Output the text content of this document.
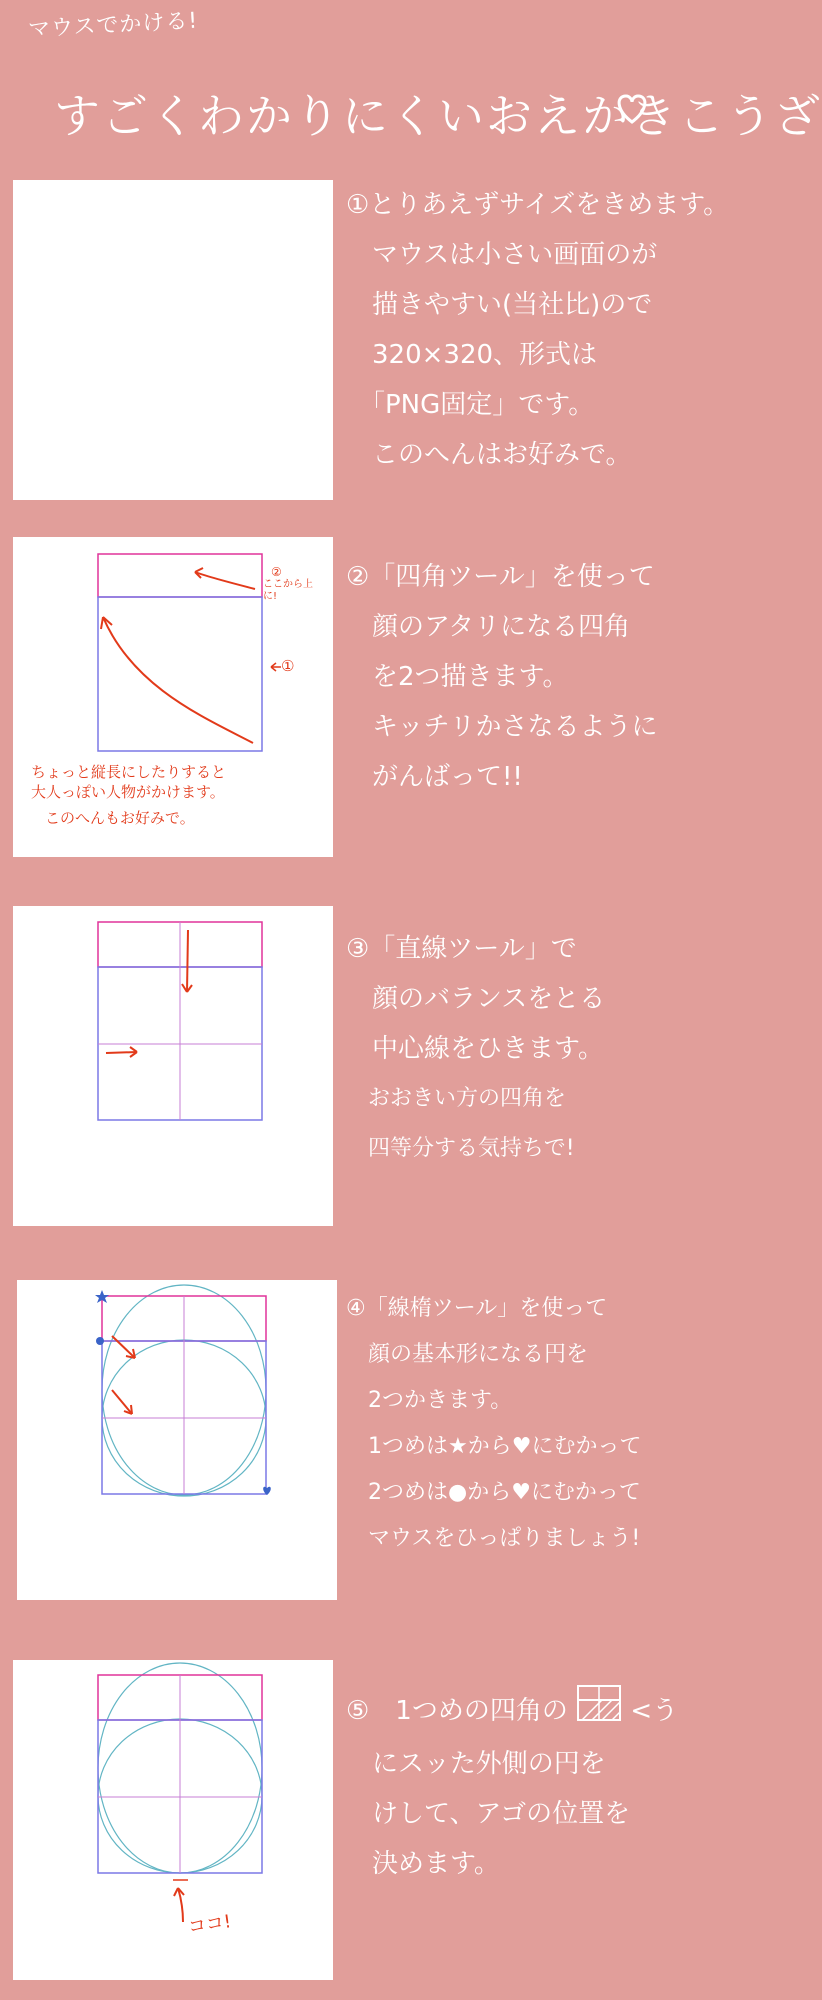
マウスでかける!
すごくわかりにくいおえかきこうざ
①とりあえずサイズをきめます。
　マウスは小さい画面のが
　描きやすい(当社比)ので
　320×320、形式は
　「PNG固定」です。
　このへんはお好みで。
②
ここから上に!
①
ちょっと縦長にしたりすると
大人っぽい人物がかけます。
このへんもお好みで。
②「四角ツール」を使って
　顔のアタリになる四角
　を2つ描きます。
　キッチリかさなるように
　がんばって!!
③「直線ツール」で
　顔のバランスをとる
　中心線をひきます。
　おおきい方の四角を
　四等分する気持ちで!
④「線楕ツール」を使って
　顔の基本形になる円を
　2つかきます。
　1つめは★から♥にむかって
　2つめは●から♥にむかって
　マウスをひっぱりましょう!
ココ!
⑤　1つめの四角の <う
　にスッた外側の円を
　けして、アゴの位置を
　決めます。
